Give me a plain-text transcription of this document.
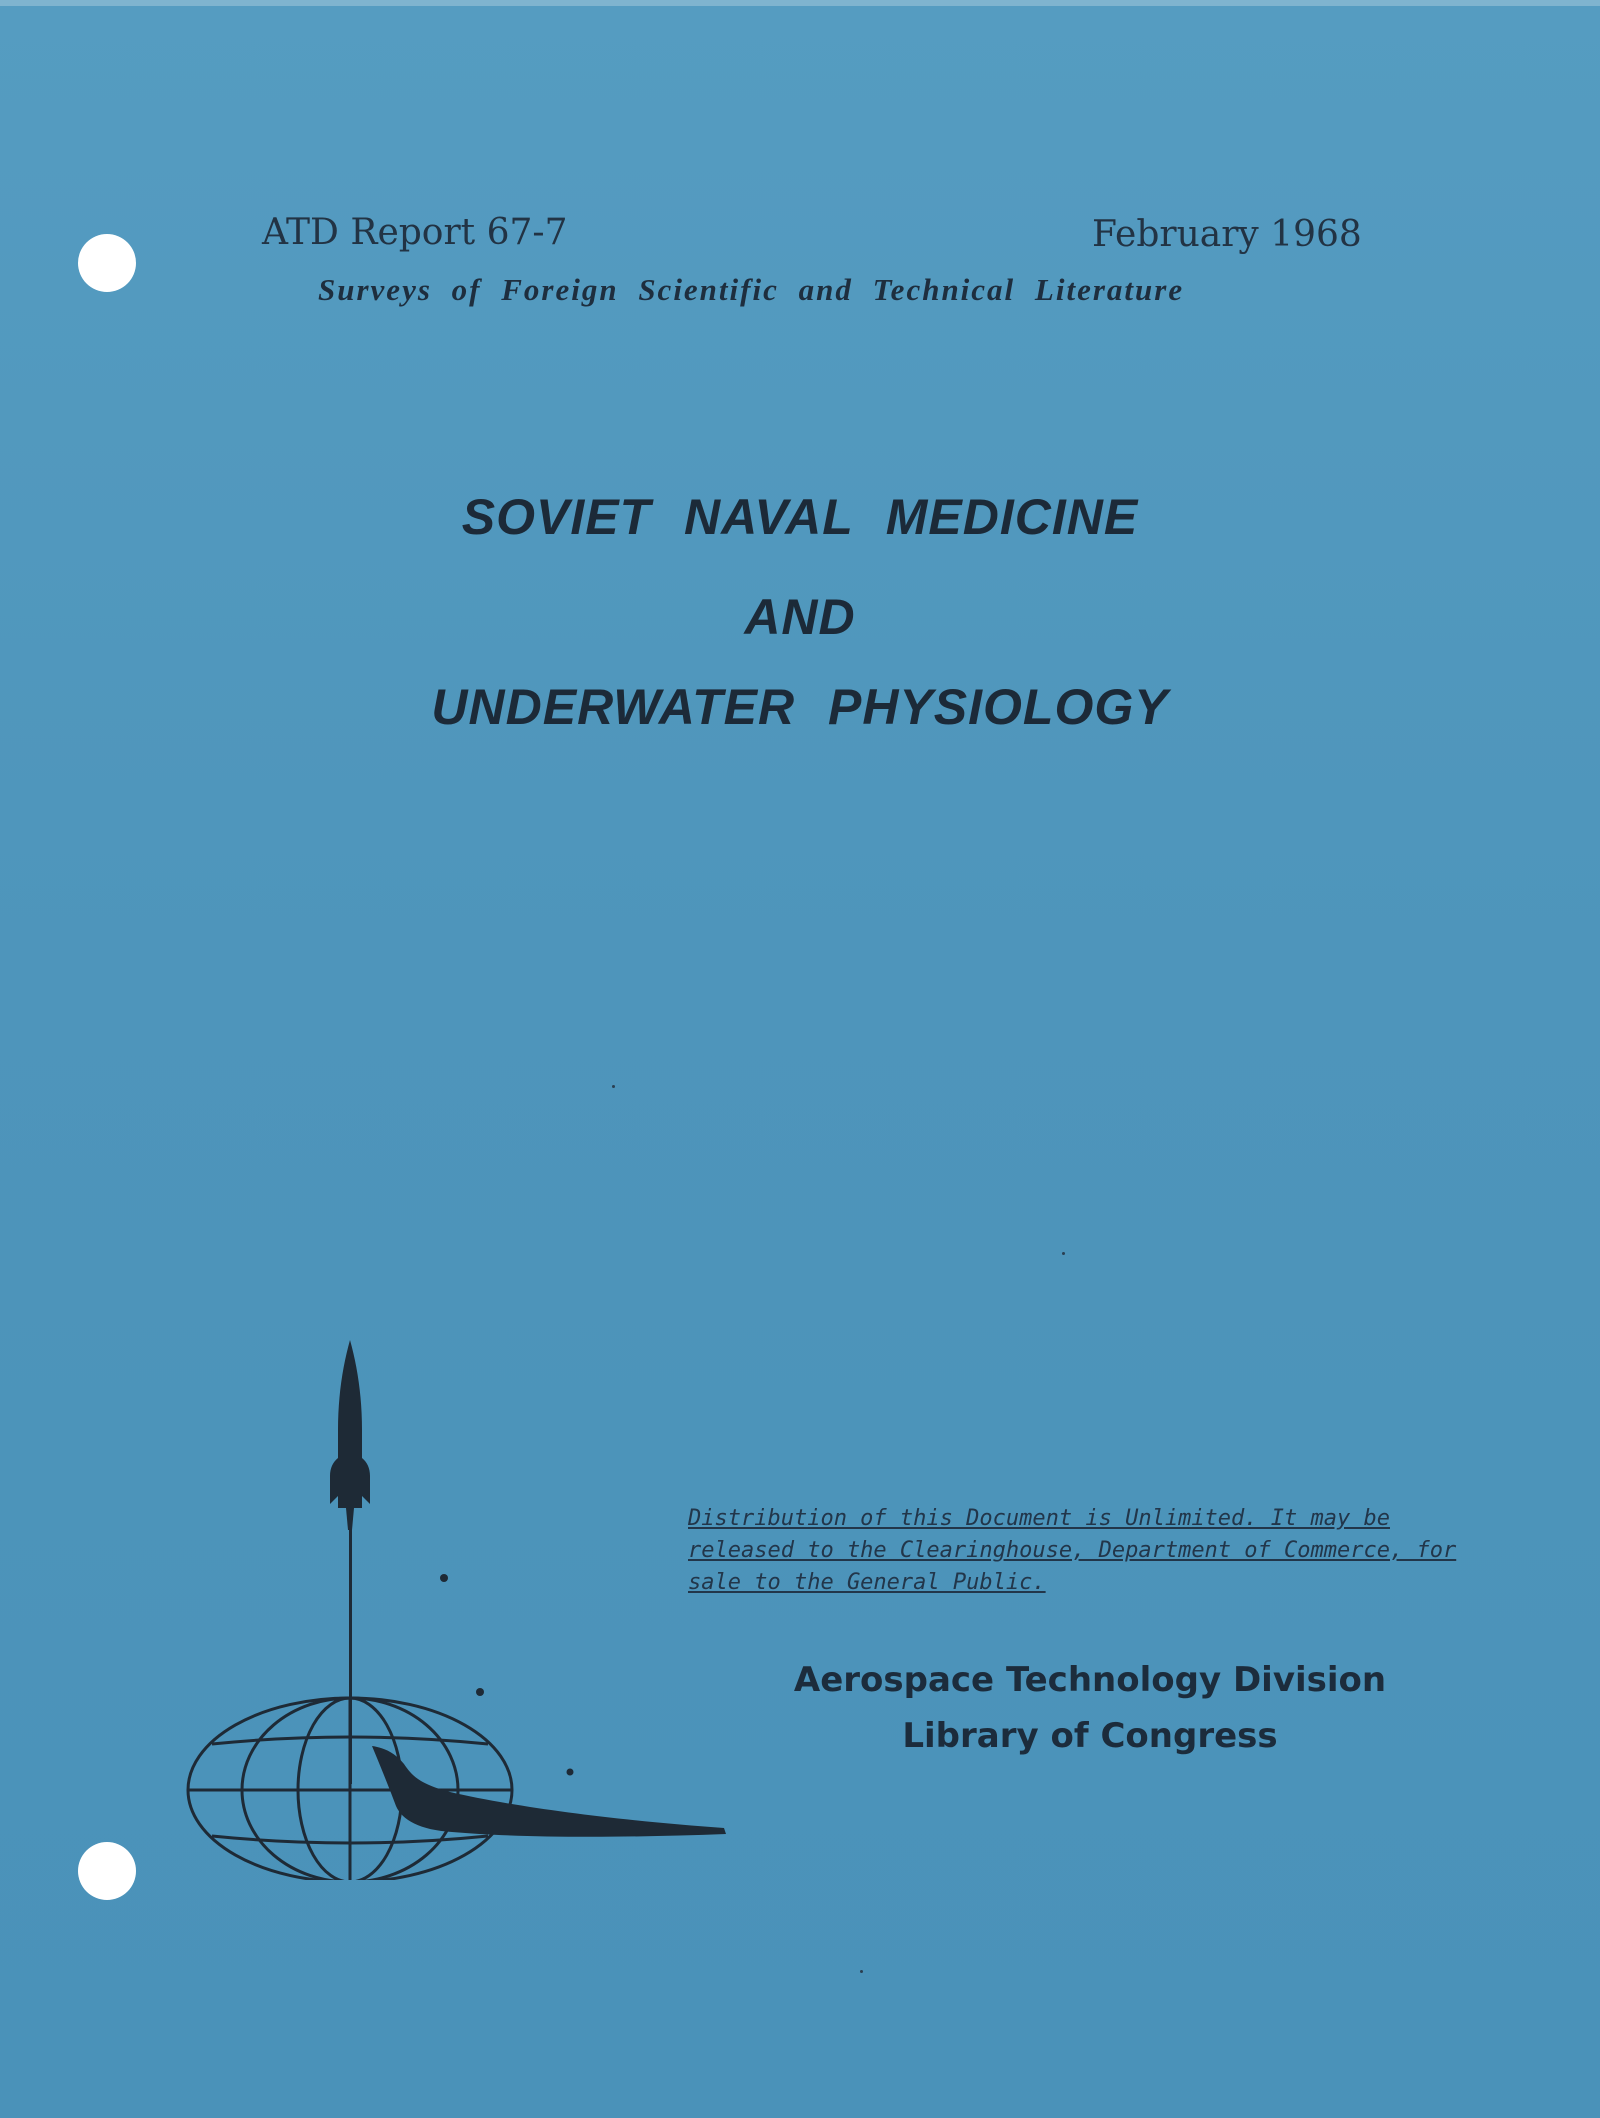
ATD Report 67-7	February 1968
Surveys of Foreign Scientific and Technical Literature
SOVIET NAVAL MEDICINE
AND
UNDERWATER PHYSIOLOGY
Distribution of this Document is Unlimited. It may be released to the Clearinghouse, Department of Commerce, for sale to the General Public.
Aerospace Technology Division
Library of Congress
